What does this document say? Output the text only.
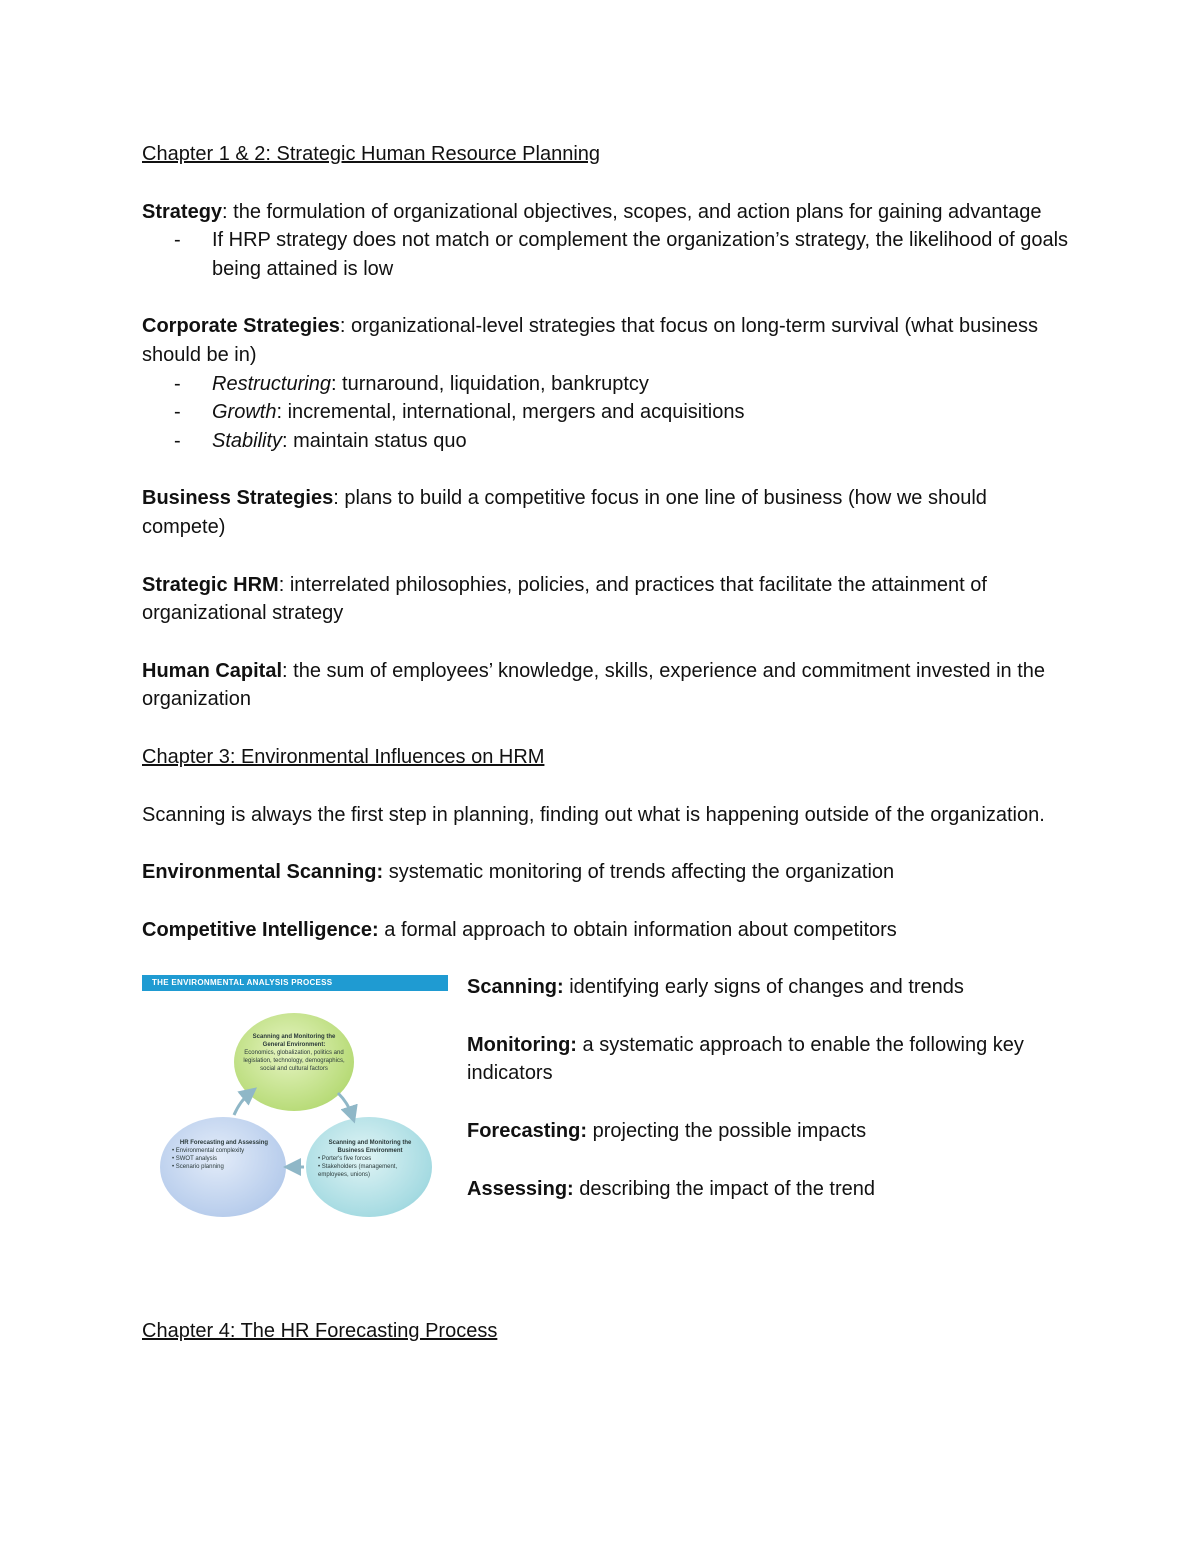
Chapter 1 & 2: Strategic Human Resource Planning

Strategy: the formulation of organizational objectives, scopes, and action plans for gaining advantage

- If HRP strategy does not match or complement the organization’s strategy, the likelihood of goals being attained is low

Corporate Strategies: organizational-level strategies that focus on long-term survival (what business should be in)

- Restructuring: turnaround, liquidation, bankruptcy
- Growth: incremental, international, mergers and acquisitions
- Stability: maintain status quo

Business Strategies: plans to build a competitive focus in one line of business (how we should compete)

Strategic HRM: interrelated philosophies, policies, and practices that facilitate the attainment of organizational strategy

Human Capital: the sum of employees’ knowledge, skills, experience and commitment invested in the organization

Chapter 3: Environmental Influences on HRM

Scanning is always the first step in planning, finding out what is happening outside of the organization.

Environmental Scanning: systematic monitoring of trends affecting the organization

Competitive Intelligence: a formal approach to obtain information about competitors

THE ENVIRONMENTAL ANALYSIS PROCESS
Scanning and Monitoring the General Environment:
Economics, globalization, politics and legislation, technology, demographics, social and cultural factors
HR Forecasting and Assessing
• Environmental complexity
• SWOT analysis
• Scenario planning
Scanning and Monitoring the Business Environment
• Porter's five forces
• Stakeholders (management, employees, unions)

Scanning: identifying early signs of changes and trends

Monitoring: a systematic approach to enable the following key indicators

Forecasting: projecting the possible impacts

Assessing: describing the impact of the trend

Chapter 4: The HR Forecasting Process
